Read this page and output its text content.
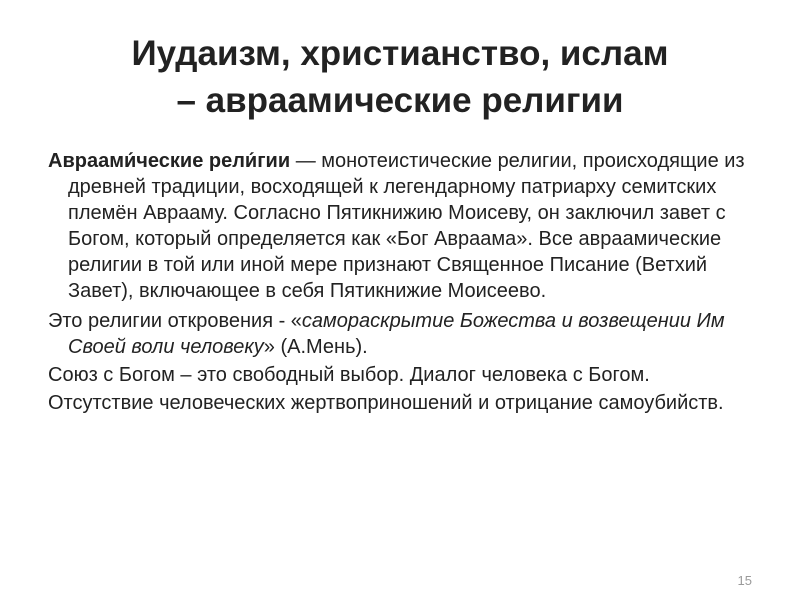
Иудаизм, христианство, ислам
– авраамические религии

Авраами́ческие рели́гии — монотеистические религии, происходящие из древней традиции, восходящей к легендарному патриарху семитских племён Аврааму. Согласно Пятикнижию Моисеву, он заключил завет с Богом, который определяется как «Бог Авраама». Все авраамические религии в той или иной мере признают Священное Писание (Ветхий Завет), включающее в себя Пятикнижие Моисеево.

Это религии откровения - «самораскрытие Божества и возвещении Им Своей воли человеку» (А.Мень).

Союз с Богом – это свободный выбор. Диалог человека с Богом.

Отсутствие человеческих жертвоприношений и отрицание самоубийств.

15
